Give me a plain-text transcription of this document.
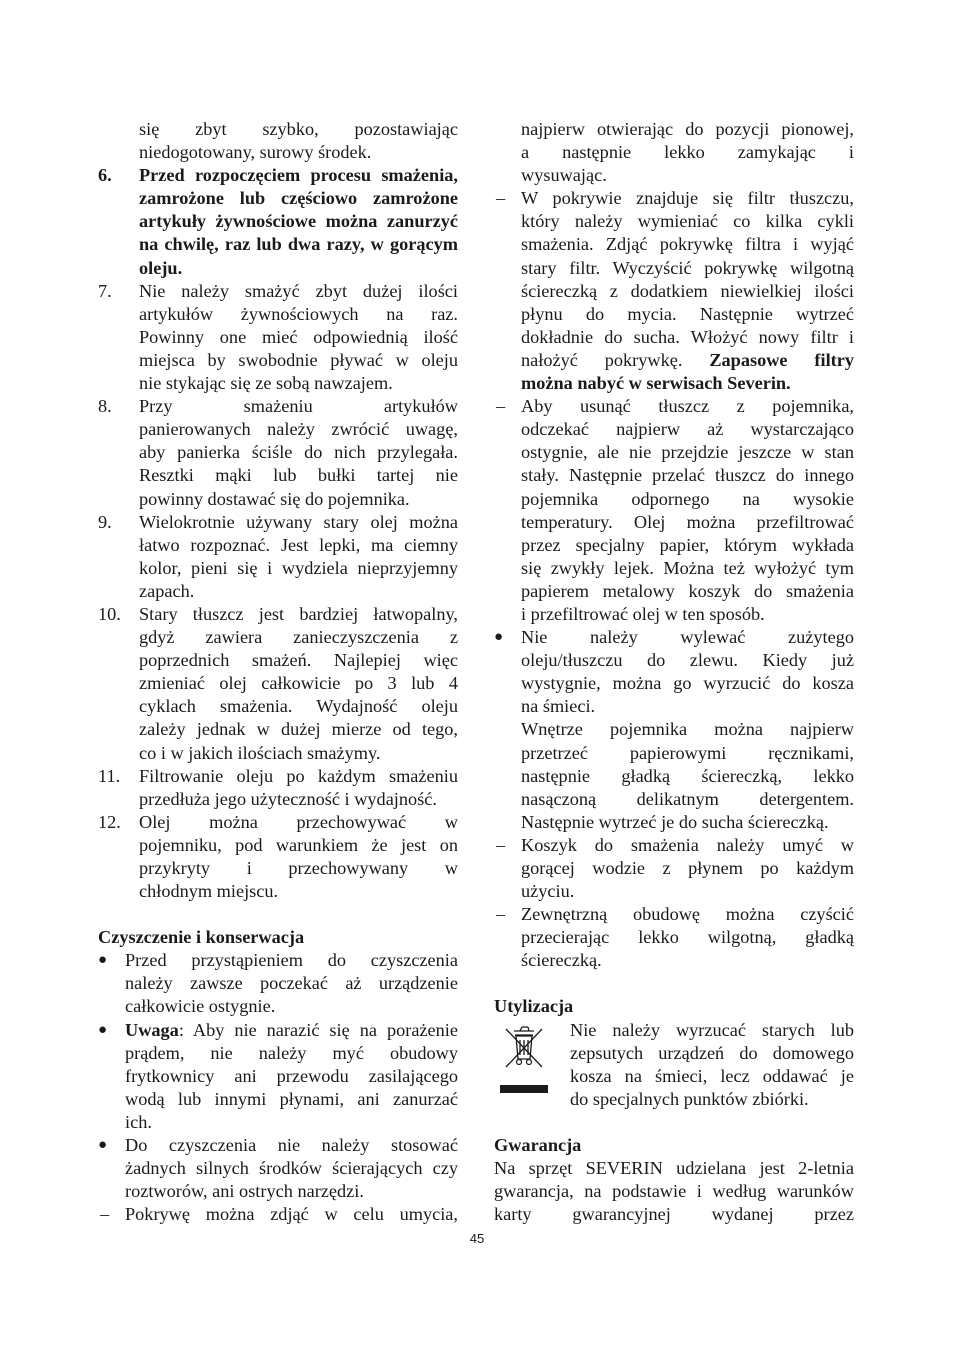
się zbyt szybko, pozostawiając

niedogotowany, surowy środek.

6. Przed rozpoczęciem procesu smażenia,

zamrożone lub częściowo zamrożone

artykuły żywnościowe można zanurzyć

na chwilę, raz lub dwa razy, w gorącym

oleju.

7. Nie należy smażyć zbyt dużej ilości

artykułów żywnościowych na raz.

Powinny one mieć odpowiednią ilość

miejsca by swobodnie pływać w oleju

nie stykając się ze sobą nawzajem.

8. Przy smażeniu artykułów

panierowanych należy zwrócić uwagę,

aby panierka ściśle do nich przylegała.

Resztki mąki lub bułki tartej nie

powinny dostawać się do pojemnika.

9. Wielokrotnie używany stary olej można

łatwo rozpoznać. Jest lepki, ma ciemny

kolor, pieni się i wydziela nieprzyjemny

zapach.

10. Stary tłuszcz jest bardziej łatwopalny,

gdyż zawiera zanieczyszczenia z

poprzednich smażeń. Najlepiej więc

zmieniać olej całkowicie po 3 lub 4

cyklach smażenia. Wydajność oleju

zależy jednak w dużej mierze od tego,

co i w jakich ilościach smażymy.

11. Filtrowanie oleju po każdym smażeniu

przedłuża jego użyteczność i wydajność.

12. Olej można przechowywać w

pojemniku, pod warunkiem że jest on

przykryty i przechowywany w

chłodnym miejscu.

Czyszczenie i konserwacja
● Przed przystąpieniem do czyszczenia

należy zawsze poczekać aż urządzenie

całkowicie ostygnie.

● Uwaga: Aby nie narazić się na porażenie

prądem, nie należy myć obudowy

frytkownicy ani przewodu zasilającego

wodą lub innymi płynami, ani zanurzać

ich.

● Do czyszczenia nie należy stosować

żadnych silnych środków ścierających czy

roztworów, ani ostrych narzędzi.

– Pokrywę można zdjąć w celu umycia,

najpierw otwierając do pozycji pionowej,

a następnie lekko zamykając i

wysuwając.

– W pokrywie znajduje się filtr tłuszczu,

który należy wymieniać co kilka cykli

smażenia. Zdjąć pokrywkę filtra i wyjąć

stary filtr. Wyczyścić pokrywkę wilgotną

ściereczką z dodatkiem niewielkiej ilości

płynu do mycia. Następnie wytrzeć

dokładnie do sucha. Włożyć nowy filtr i

nałożyć pokrywkę. Zapasowe filtry

można nabyć w serwisach Severin.

– Aby usunąć tłuszcz z pojemnika,

odczekać najpierw aż wystarczająco

ostygnie, ale nie przejdzie jeszcze w stan

stały. Następnie przelać tłuszcz do innego

pojemnika odpornego na wysokie

temperatury. Olej można przefiltrować

przez specjalny papier, którym wykłada

się zwykły lejek. Można też wyłożyć tym

papierem metalowy koszyk do smażenia

i przefiltrować olej w ten sposób.

● Nie należy wylewać zużytego

oleju/tłuszczu do zlewu. Kiedy już

wystygnie, można go wyrzucić do kosza

na śmieci.

Wnętrze pojemnika można najpierw

przetrzeć papierowymi ręcznikami,

następnie gładką ściereczką, lekko

nasączoną delikatnym detergentem.

Następnie wytrzeć je do sucha ściereczką.

– Koszyk do smażenia należy umyć w

gorącej wodzie z płynem po każdym

użyciu.

– Zewnętrzną obudowę można czyścić

przecierając lekko wilgotną, gładką

ściereczką.

Utylizacja

Nie należy wyrzucać starych lub

zepsutych urządzeń do domowego

kosza na śmieci, lecz oddawać je

do specjalnych punktów zbiórki.

Gwarancja

Na sprzęt SEVERIN udzielana jest 2-letnia

gwarancja, na podstawie i według warunków

karty gwarancyjnej wydanej przez

45
